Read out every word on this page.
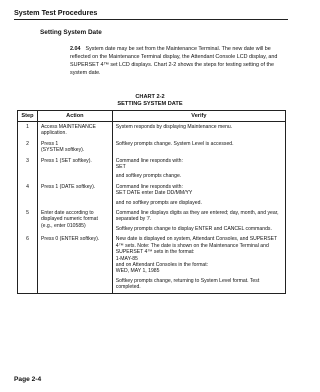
System Test Procedures
Setting System Date
2.04 System date may be set from the Maintenance Terminal. The new date will be reflected on the Maintenance Terminal display, the Attendant Console LCD display, and SUPERSET 4™ set LCD displays. Chart 2-2 shows the steps for testing setting of the system date.
CHART 2-2
SETTING SYSTEM DATE
Step	Action	Verify
1	Access MAINTENANCE application.	System responds by displaying Maintenance menu.

2	Press 1
(SYSTEM softkey).	Softkey prompts change. System Level is accessed.

3	Press 1 (SET softkey).	Command line responds with:
SET
and softkey prompts change.

4	Press 1 (DATE softkey).	Command line responds with:
SET DATE enter Date DD/MM/YY
and no softkey prompts are displayed.

5	Enter date according to displayed numeric format (e.g., enter 010585)	Command line displays digits as they are entered; day, month, and year, separated by '/'.
Softkey prompts change to display ENTER and CANCEL commands.

6	Press 0 (ENTER softkey).	New date is displayed on system, Attendant Consoles, and SUPERSET 4™ sets. Note: The date is shown on the Maintenance Terminal and SUPERSET 4™ sets in the format:
1-MAY-85
and on Attendant Consoles in the format:
WED, MAY 1, 1985
Softkey prompts change, returning to System Level format. Test completed.
Page 2-4
